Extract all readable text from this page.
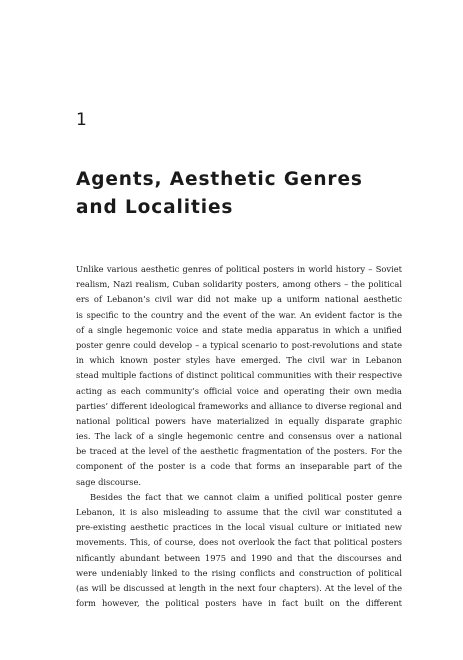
1
Agents, Aesthetic Genres
and Localities
Unlike various aesthetic genres of political posters in world history – Soviet
realism, Nazi realism, Cuban solidarity posters, among others – the political
ers of Lebanon’s civil war did not make up a uniform national aesthetic
is specific to the country and the event of the war. An evident factor is the
of a single hegemonic voice and state media apparatus in which a unified
poster genre could develop – a typical scenario to post-revolutions and state
in which known poster styles have emerged. The civil war in Lebanon
stead multiple factions of distinct political communities with their respective
acting as each community’s official voice and operating their own media
parties’ different ideological frameworks and alliance to diverse regional and
national political powers have materialized in equally disparate graphic
ies. The lack of a single hegemonic centre and consensus over a national
be traced at the level of the aesthetic fragmentation of the posters. For the
component of the poster is a code that forms an inseparable part of the
sage discourse.
Besides the fact that we cannot claim a unified political poster genre
Lebanon, it is also misleading to assume that the civil war constituted a
pre-existing aesthetic practices in the local visual culture or initiated new
movements. This, of course, does not overlook the fact that political posters
nificantly abundant between 1975 and 1990 and that the discourses and
were undeniably linked to the rising conflicts and construction of political
(as will be discussed at length in the next four chapters). At the level of the
form however, the political posters have in fact built on the different
